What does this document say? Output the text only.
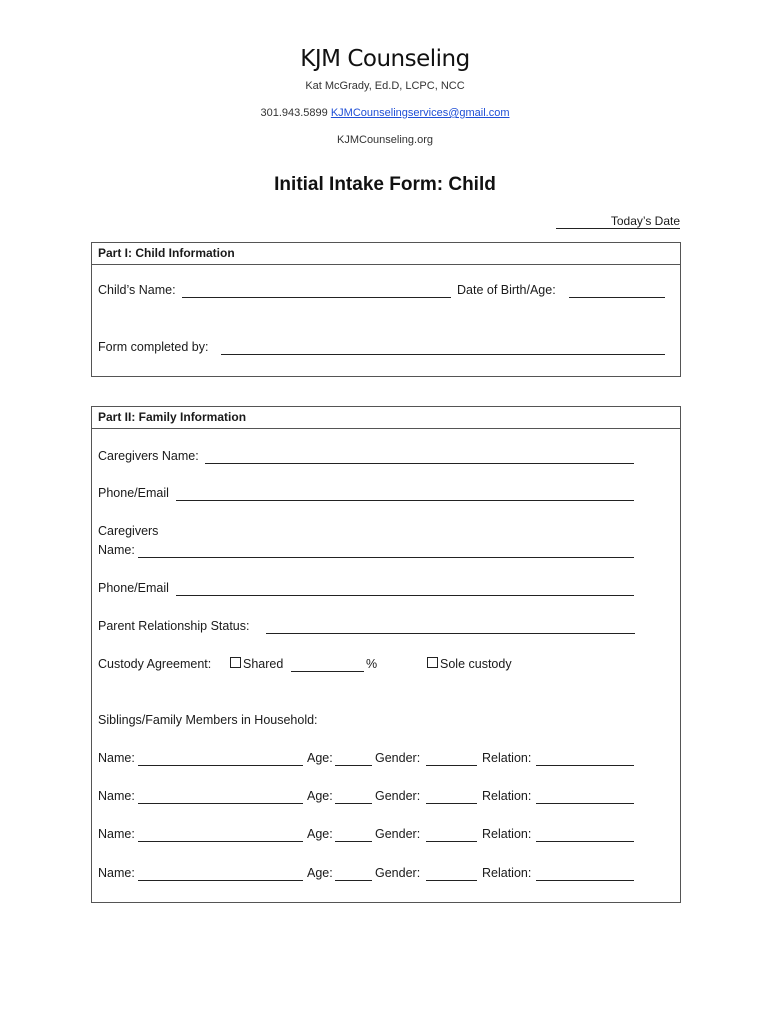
KJM Counseling
Kat McGrady, Ed.D, LCPC, NCC
301.943.5899 KJMCounselingservices@gmail.com
KJMCounseling.org
Initial Intake Form: Child
Today’s Date
Part I: Child Information
Child’s Name:	Date of Birth/Age:
Form completed by:
Part II: Family Information
Caregivers Name:
Phone/Email
Caregivers
Name:
Phone/Email
Parent Relationship Status:
Custody Agreement:	Shared	%	Sole custody
Siblings/Family Members in Household:
Name:	Age:	Gender:	Relation:
Name:	Age:	Gender:	Relation:
Name:	Age:	Gender:	Relation:
Name:	Age:	Gender:	Relation:
